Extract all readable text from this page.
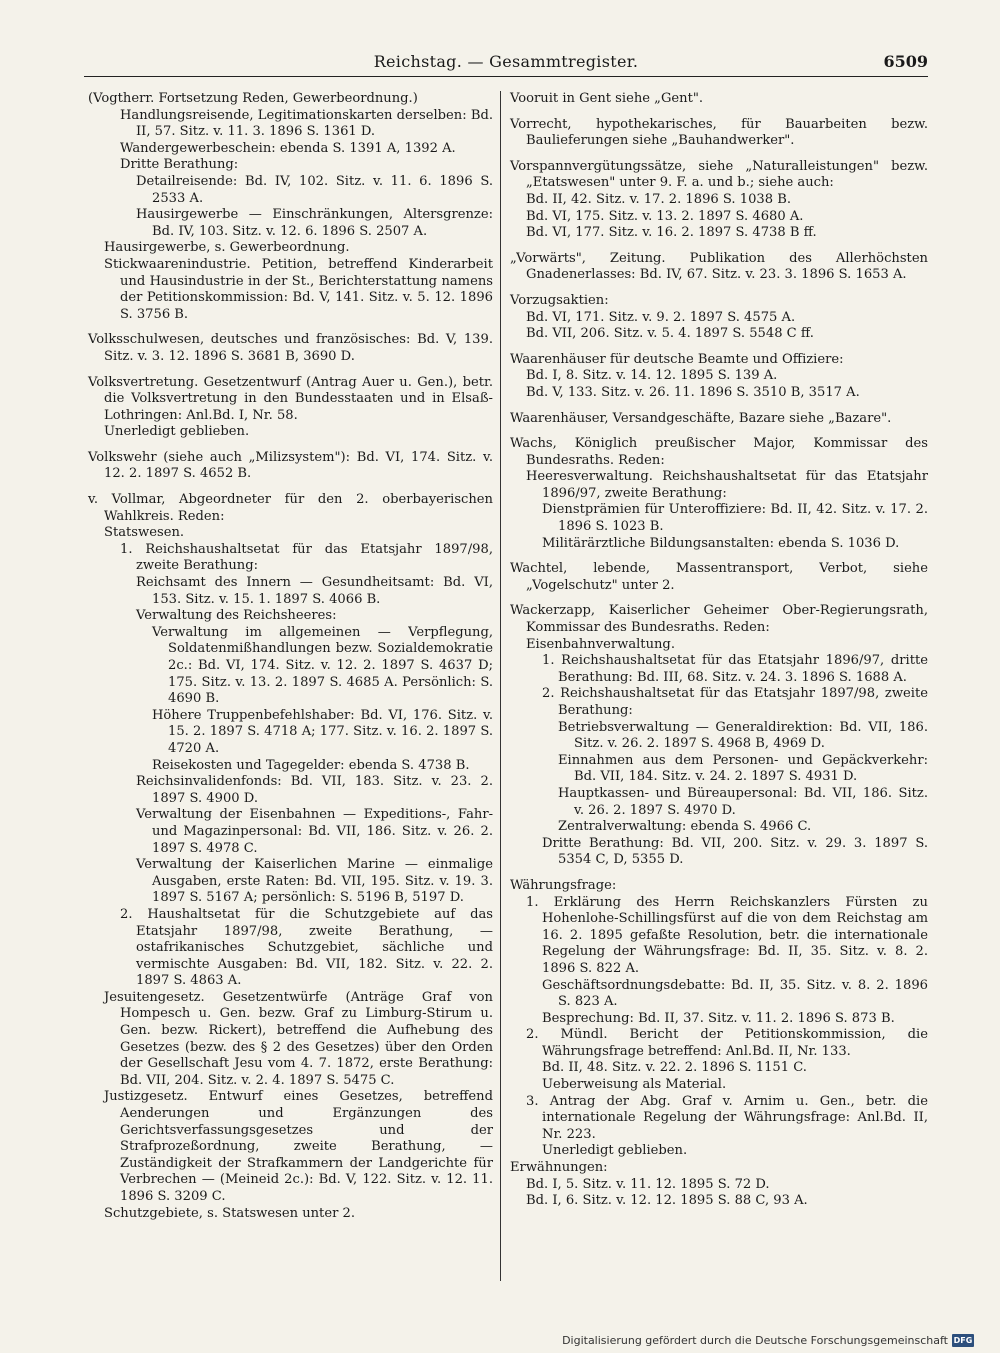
Reichstag. — Gesammtregister.	6509

(Vogtherr. Fortsetzung Reden, Gewerbeordnung.)

Handlungsreisende, Legitimationskarten derselben: Bd. II, 57. Sitz. v. 11. 3. 1896 S. 1361 D.

Wandergewerbeschein: ebenda S. 1391 A, 1392 A.

Dritte Berathung:

Detailreisende: Bd. IV, 102. Sitz. v. 11. 6. 1896 S. 2533 A.

Hausirgewerbe — Einschränkungen, Altersgrenze: Bd. IV, 103. Sitz. v. 12. 6. 1896 S. 2507 A.

Hausirgewerbe, s. Gewerbeordnung.

Stickwaarenindustrie. Petition, betreffend Kinderarbeit und Hausindustrie in der St., Berichterstattung namens der Petitionskommission: Bd. V, 141. Sitz. v. 5. 12. 1896 S. 3756 B.

Volksschulwesen, deutsches und französisches: Bd. V, 139. Sitz. v. 3. 12. 1896 S. 3681 B, 3690 D.

Volksvertretung. Gesetzentwurf (Antrag Auer u. Gen.), betr. die Volksvertretung in den Bundesstaaten und in Elsaß-Lothringen: Anl.Bd. I, Nr. 58.

Unerledigt geblieben.

Volkswehr (siehe auch „Milizsystem"): Bd. VI, 174. Sitz. v. 12. 2. 1897 S. 4652 B.

v. Vollmar, Abgeordneter für den 2. oberbayerischen Wahlkreis. Reden:

Statswesen.

1. Reichshaushaltsetat für das Etatsjahr 1897/98, zweite Berathung:

Reichsamt des Innern — Gesundheitsamt: Bd. VI, 153. Sitz. v. 15. 1. 1897 S. 4066 B.

Verwaltung des Reichsheeres:

Verwaltung im allgemeinen — Verpflegung, Soldatenmißhandlungen bezw. Sozialdemokratie 2c.: Bd. VI, 174. Sitz. v. 12. 2. 1897 S. 4637 D; 175. Sitz. v. 13. 2. 1897 S. 4685 A. Persönlich: S. 4690 B.

Höhere Truppenbefehlshaber: Bd. VI, 176. Sitz. v. 15. 2. 1897 S. 4718 A; 177. Sitz. v. 16. 2. 1897 S. 4720 A.

Reisekosten und Tagegelder: ebenda S. 4738 B.

Reichsinvalidenfonds: Bd. VII, 183. Sitz. v. 23. 2. 1897 S. 4900 D.

Verwaltung der Eisenbahnen — Expeditions-, Fahr- und Magazinpersonal: Bd. VII, 186. Sitz. v. 26. 2. 1897 S. 4978 C.

Verwaltung der Kaiserlichen Marine — einmalige Ausgaben, erste Raten: Bd. VII, 195. Sitz. v. 19. 3. 1897 S. 5167 A; persönlich: S. 5196 B, 5197 D.

2. Haushaltsetat für die Schutzgebiete auf das Etatsjahr 1897/98, zweite Berathung, — ostafrikanisches Schutzgebiet, sächliche und vermischte Ausgaben: Bd. VII, 182. Sitz. v. 22. 2. 1897 S. 4863 A.

Jesuitengesetz. Gesetzentwürfe (Anträge Graf von Hompesch u. Gen. bezw. Graf zu Limburg-Stirum u. Gen. bezw. Rickert), betreffend die Aufhebung des Gesetzes (bezw. des § 2 des Gesetzes) über den Orden der Gesellschaft Jesu vom 4. 7. 1872, erste Berathung: Bd. VII, 204. Sitz. v. 2. 4. 1897 S. 5475 C.

Justizgesetz. Entwurf eines Gesetzes, betreffend Aenderungen und Ergänzungen des Gerichtsverfassungsgesetzes und der Strafprozeßordnung, zweite Berathung, — Zuständigkeit der Strafkammern der Landgerichte für Verbrechen — (Meineid 2c.): Bd. V, 122. Sitz. v. 12. 11. 1896 S. 3209 C.

Schutzgebiete, s. Statswesen unter 2.

Vooruit in Gent siehe „Gent".

Vorrecht, hypothekarisches, für Bauarbeiten bezw. Baulieferungen siehe „Bauhandwerker".

Vorspannvergütungssätze, siehe „Naturalleistungen" bezw. „Etatswesen" unter 9. F. a. und b.; siehe auch:

Bd. II, 42. Sitz. v. 17. 2. 1896 S. 1038 B.

Bd. VI, 175. Sitz. v. 13. 2. 1897 S. 4680 A.

Bd. VI, 177. Sitz. v. 16. 2. 1897 S. 4738 B ff.

„Vorwärts", Zeitung. Publikation des Allerhöchsten Gnadenerlasses: Bd. IV, 67. Sitz. v. 23. 3. 1896 S. 1653 A.

Vorzugsaktien:

Bd. VI, 171. Sitz. v. 9. 2. 1897 S. 4575 A.

Bd. VII, 206. Sitz. v. 5. 4. 1897 S. 5548 C ff.

Waarenhäuser für deutsche Beamte und Offiziere:

Bd. I, 8. Sitz. v. 14. 12. 1895 S. 139 A.

Bd. V, 133. Sitz. v. 26. 11. 1896 S. 3510 B, 3517 A.

Waarenhäuser, Versandgeschäfte, Bazare siehe „Bazare".

Wachs, Königlich preußischer Major, Kommissar des Bundesraths. Reden:

Heeresverwaltung. Reichshaushaltsetat für das Etatsjahr 1896/97, zweite Berathung:

Dienstprämien für Unteroffiziere: Bd. II, 42. Sitz. v. 17. 2. 1896 S. 1023 B.

Militärärztliche Bildungsanstalten: ebenda S. 1036 D.

Wachtel, lebende, Massentransport, Verbot, siehe „Vogelschutz" unter 2.

Wackerzapp, Kaiserlicher Geheimer Ober-Regierungsrath, Kommissar des Bundesraths. Reden:

Eisenbahnverwaltung.

1. Reichshaushaltsetat für das Etatsjahr 1896/97, dritte Berathung: Bd. III, 68. Sitz. v. 24. 3. 1896 S. 1688 A.

2. Reichshaushaltsetat für das Etatsjahr 1897/98, zweite Berathung:

Betriebsverwaltung — Generaldirektion: Bd. VII, 186. Sitz. v. 26. 2. 1897 S. 4968 B, 4969 D.

Einnahmen aus dem Personen- und Gepäckverkehr: Bd. VII, 184. Sitz. v. 24. 2. 1897 S. 4931 D.

Hauptkassen- und Büreaupersonal: Bd. VII, 186. Sitz. v. 26. 2. 1897 S. 4970 D.

Zentralverwaltung: ebenda S. 4966 C.

Dritte Berathung: Bd. VII, 200. Sitz. v. 29. 3. 1897 S. 5354 C, D, 5355 D.

Währungsfrage:

1. Erklärung des Herrn Reichskanzlers Fürsten zu Hohenlohe-Schillingsfürst auf die von dem Reichstag am 16. 2. 1895 gefaßte Resolution, betr. die internationale Regelung der Währungsfrage: Bd. II, 35. Sitz. v. 8. 2. 1896 S. 822 A.

Geschäftsordnungsdebatte: Bd. II, 35. Sitz. v. 8. 2. 1896 S. 823 A.

Besprechung: Bd. II, 37. Sitz. v. 11. 2. 1896 S. 873 B.

2. Mündl. Bericht der Petitionskommission, die Währungsfrage betreffend: Anl.Bd. II, Nr. 133.

Bd. II, 48. Sitz. v. 22. 2. 1896 S. 1151 C.

Ueberweisung als Material.

3. Antrag der Abg. Graf v. Arnim u. Gen., betr. die internationale Regelung der Währungsfrage: Anl.Bd. II, Nr. 223.

Unerledigt geblieben.

Erwähnungen:

Bd. I, 5. Sitz. v. 11. 12. 1895 S. 72 D.

Bd. I, 6. Sitz. v. 12. 12. 1895 S. 88 C, 93 A.

Digitalisierung gefördert durch die Deutsche Forschungsgemeinschaft DFG
